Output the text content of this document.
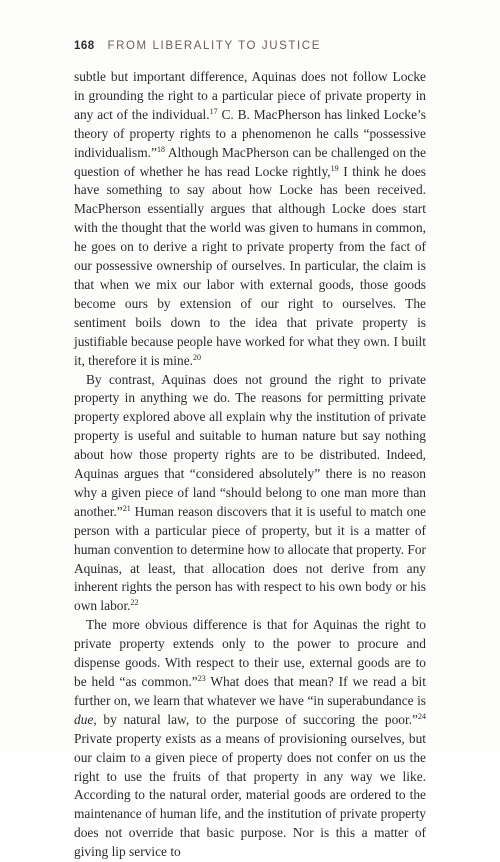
168 FROM LIBERALITY TO JUSTICE

subtle but important difference, Aquinas does not follow Locke in grounding the right to a particular piece of private property in any act of the individual.$^{17}$ C. B. MacPherson has linked Locke’s theory of property rights to a phenomenon he calls “possessive individualism.”$^{18}$ Although MacPherson can be challenged on the question of whether he has read Locke rightly,$^{19}$ I think he does have something to say about how Locke has been received. MacPherson essentially argues that although Locke does start with the thought that the world was given to humans in common, he goes on to derive a right to private property from the fact of our possessive ownership of ourselves. In particular, the claim is that when we mix our labor with external goods, those goods become ours by extension of our right to ourselves. The sentiment boils down to the idea that private property is justifiable because people have worked for what they own. I built it, therefore it is mine.$^{20}$

By contrast, Aquinas does not ground the right to private property in anything we do. The reasons for permitting private property explored above all explain why the institution of private property is useful and suitable to human nature but say nothing about how those property rights are to be distributed. Indeed, Aquinas argues that “considered absolutely” there is no reason why a given piece of land “should belong to one man more than another.”$^{21}$ Human reason discovers that it is useful to match one person with a particular piece of property, but it is a matter of human convention to determine how to allocate that property. For Aquinas, at least, that allocation does not derive from any inherent rights the person has with respect to his own body or his own labor.$^{22}$

The more obvious difference is that for Aquinas the right to private property extends only to the power to procure and dispense goods. With respect to their use, external goods are to be held “as common.”$^{23}$ What does that mean? If we read a bit further on, we learn that whatever we have “in superabundance is due, by natural law, to the purpose of succoring the poor.”$^{24}$ Private property exists as a means of provisioning ourselves, but our claim to a given piece of property does not confer on us the right to use the fruits of that property in any way we like. According to the natural order, material goods are ordered to the maintenance of human life, and the institution of private property does not override that basic purpose. Nor is this a matter of giving lip service to
